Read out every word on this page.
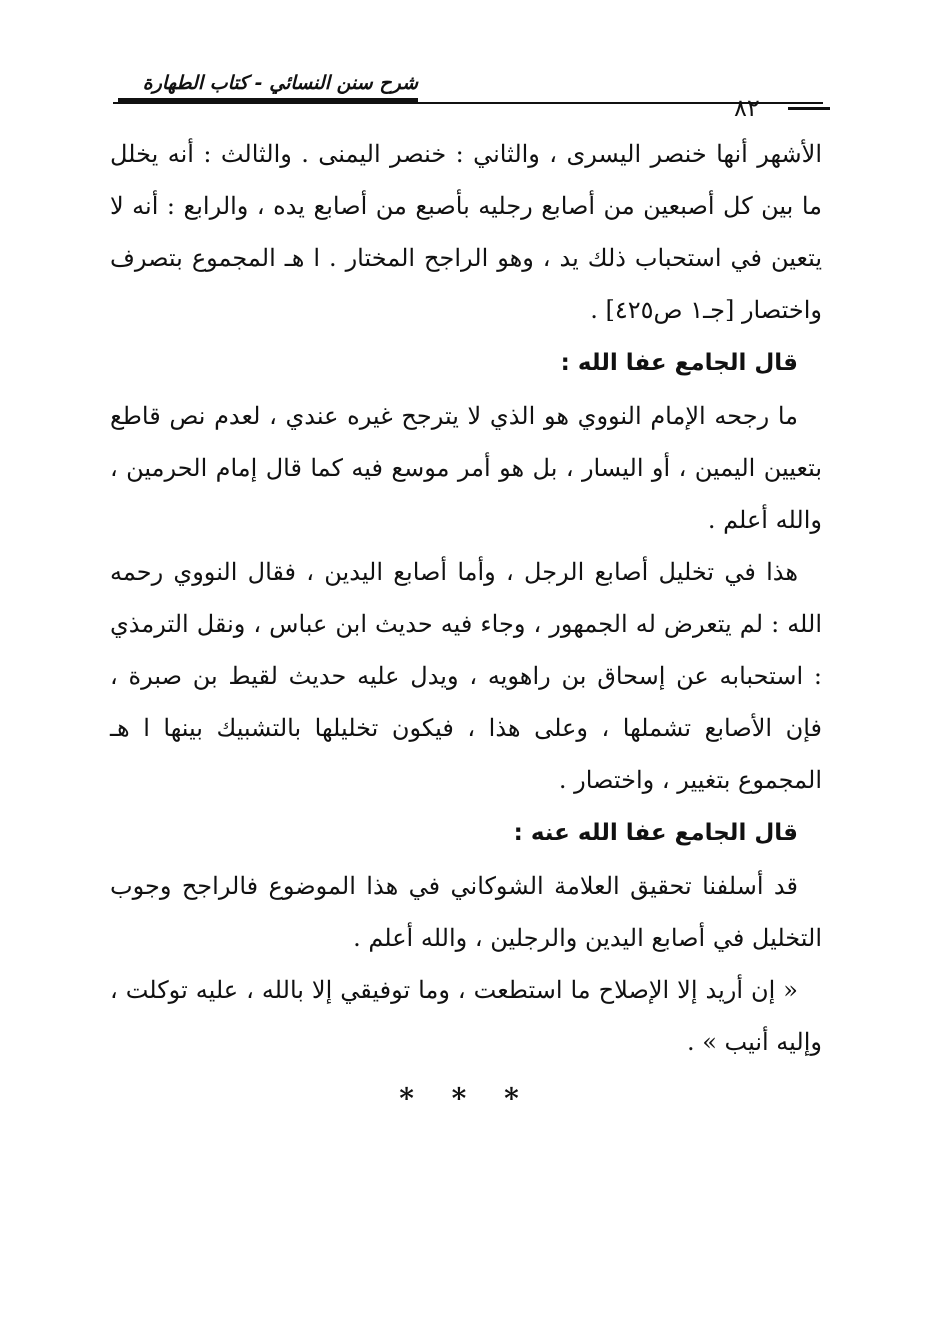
شرح سنن النسائي - كتاب الطهارة
٨٢

الأشهر أنها خنصر اليسرى ، والثاني : خنصر اليمنى . والثالث : أنه يخلل ما بين كل أصبعين من أصابع رجليه بأصبع من أصابع يده ، والرابع : أنه لا يتعين في استحباب ذلك يد ، وهو الراجح المختار . ا هـ المجموع بتصرف واختصار [جـ١ ص٤٢٥] .

قال الجامع عفا الله :

ما رجحه الإمام النووي هو الذي لا يترجح غيره عندي ، لعدم نص قاطع بتعيين اليمين ، أو اليسار ، بل هو أمر موسع فيه كما قال إمام الحرمين ، والله أعلم .

هذا في تخليل أصابع الرجل ، وأما أصابع اليدين ، فقال النووي رحمه الله : لم يتعرض له الجمهور ، وجاء فيه حديث ابن عباس ، ونقل الترمذي : استحبابه عن إسحاق بن راهويه ، ويدل عليه حديث لقيط بن صبرة ، فإن الأصابع تشملها ، وعلى هذا ، فيكون تخليلها بالتشبيك بينها ا هـ المجموع بتغيير ، واختصار .

قال الجامع عفا الله عنه :

قد أسلفنا تحقيق العلامة الشوكاني في هذا الموضوع فالراجح وجوب التخليل في أصابع اليدين والرجلين ، والله أعلم .

« إن أريد إلا الإصلاح ما استطعت ، وما توفيقي إلا بالله ، عليه توكلت ، وإليه أنيب » .

* * *
